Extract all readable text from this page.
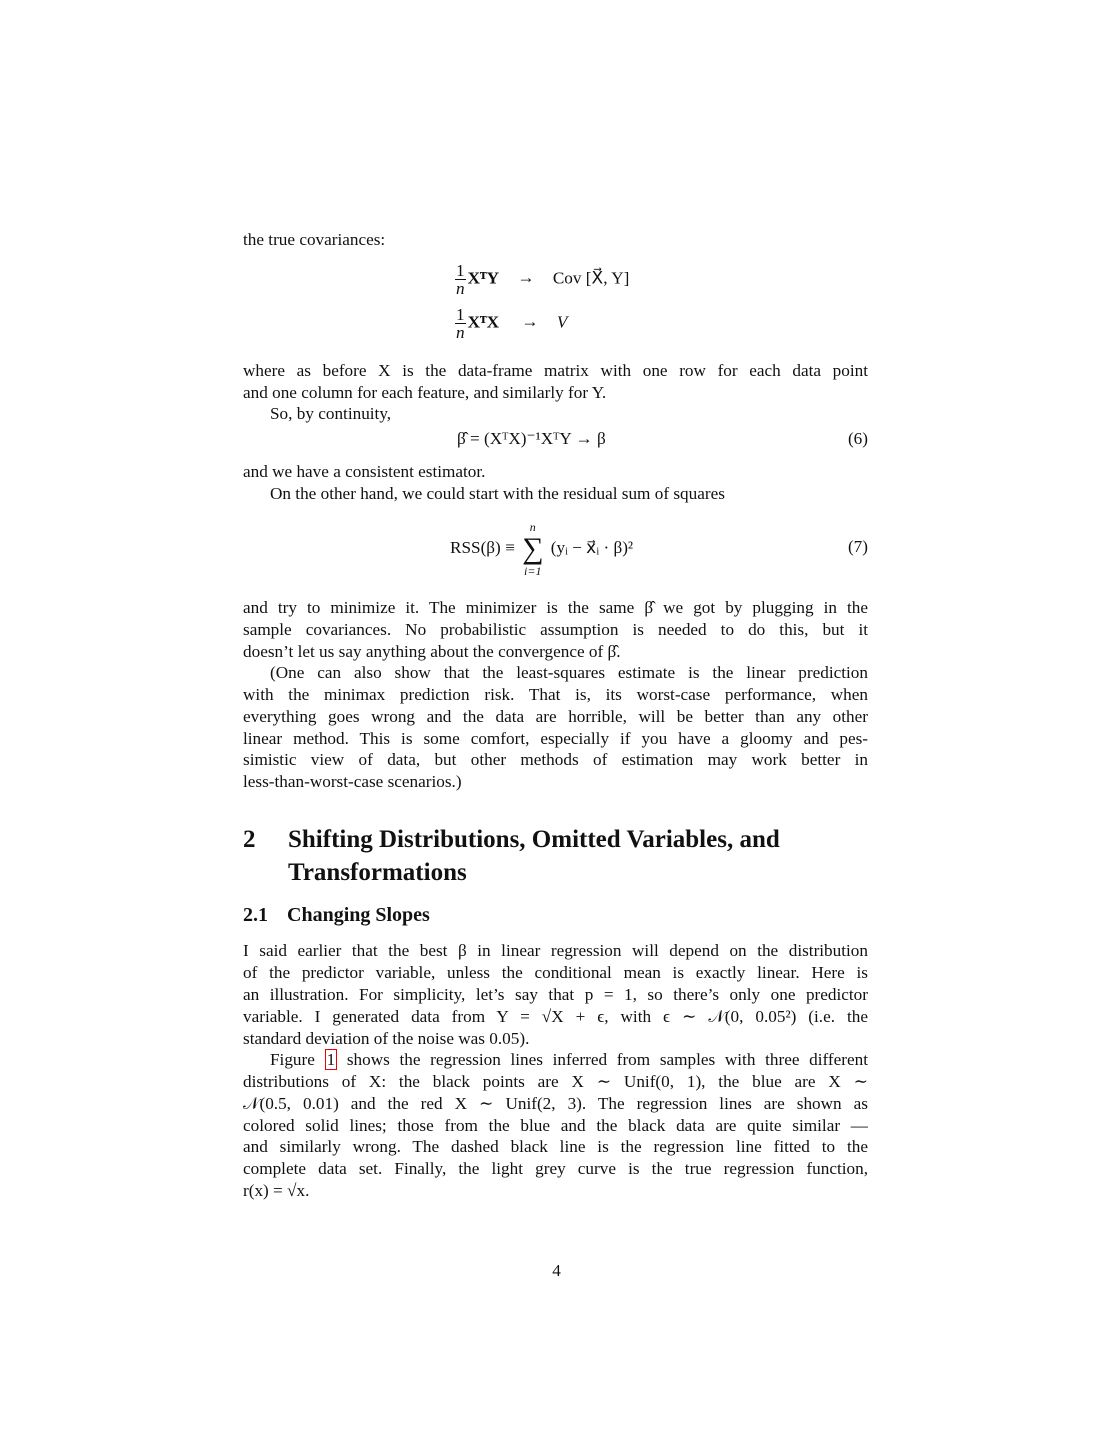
the true covariances:
$\frac{1}{n}$ XᵀY → Cov [X⃗, Y]
$\frac{1}{n}$ XᵀX → V
where as before X is the data-frame matrix with one row for each data point
and one column for each feature, and similarly for Y.
So, by continuity,
β̂ = (XᵀX)⁻¹XᵀY → β	(6)
and we have a consistent estimator.
On the other hand, we could start with the residual sum of squares
RSS(β) ≡
n
∑
i=1
(yᵢ − x⃗ᵢ · β)²	(7)
and try to minimize it. The minimizer is the same β̂ we got by plugging in the
sample covariances. No probabilistic assumption is needed to do this, but it
doesn’t let us say anything about the convergence of β̂.
(One can also show that the least-squares estimate is the linear prediction
with the minimax prediction risk. That is, its worst-case performance, when
everything goes wrong and the data are horrible, will be better than any other
linear method. This is some comfort, especially if you have a gloomy and pes-
simistic view of data, but other methods of estimation may work better in
less-than-worst-case scenarios.)
2 Shifting Distributions, Omitted Variables, and
Transformations
2.1 Changing Slopes
I said earlier that the best β in linear regression will depend on the distribution
of the predictor variable, unless the conditional mean is exactly linear. Here is
an illustration. For simplicity, let’s say that p = 1, so there’s only one predictor
variable. I generated data from Y = √X + ϵ, with ϵ ∼ 𝒩(0, 0.05²) (i.e. the
standard deviation of the noise was 0.05).
Figure 1 shows the regression lines inferred from samples with three different
distributions of X: the black points are X ∼ Unif(0, 1), the blue are X ∼
𝒩(0.5, 0.01) and the red X ∼ Unif(2, 3). The regression lines are shown as
colored solid lines; those from the blue and the black data are quite similar —
and similarly wrong. The dashed black line is the regression line fitted to the
complete data set. Finally, the light grey curve is the true regression function,
r(x) = √x.
4
